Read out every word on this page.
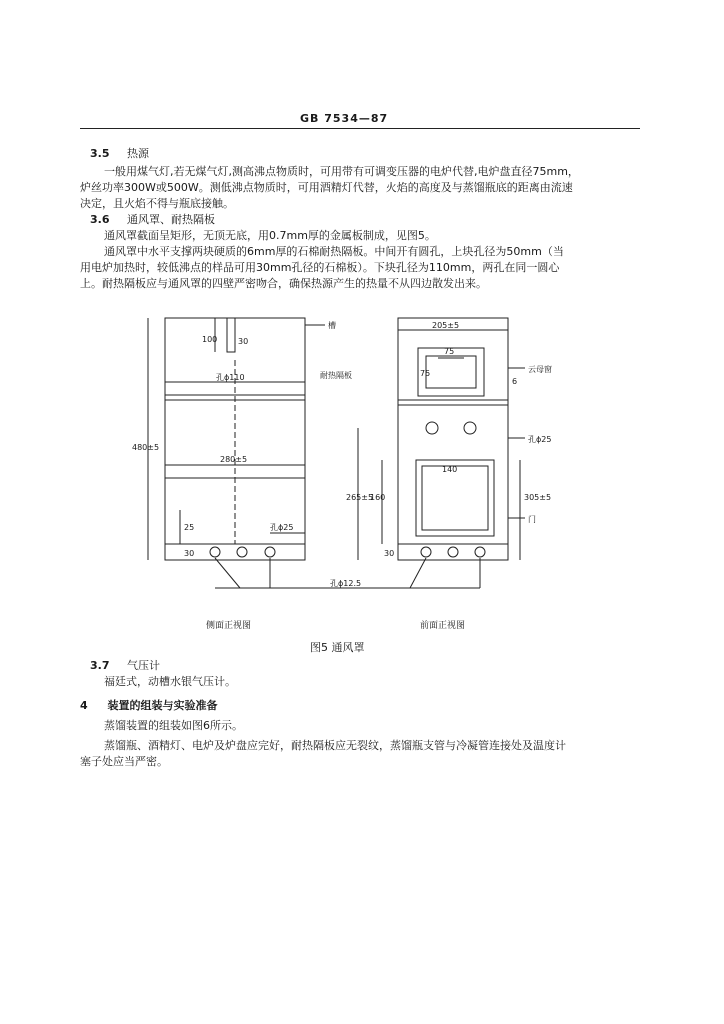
GB 7534—87
3.5 热源
一般用煤气灯,若无煤气灯,测高沸点物质时，可用带有可调变压器的电炉代替,电炉盘直径75mm，
炉丝功率300W或500W。测低沸点物质时，可用酒精灯代替，火焰的高度及与蒸馏瓶底的距离由流速
决定，且火焰不得与瓶底接触。
3.6 通风罩、耐热隔板
通风罩截面呈矩形，无顶无底，用0.7mm厚的金属板制成，见图5。
通风罩中水平支撑两块硬质的6mm厚的石棉耐热隔板。中间开有圆孔，上块孔径为50mm（当
用电炉加热时，较低沸点的样品可用30mm孔径的石棉板）。下块孔径为110mm，两孔在同一圆心
上。耐热隔板应与通风罩的四壁严密吻合，确保热源产生的热量不从四边散发出来。
槽
耐热隔板
云母窗
门
孔ϕ110
孔ϕ25
孔ϕ25
孔ϕ12.5
100	30
480±5
280±5
25
30
205±5
75
75
6
140
265±5
160	305±5
30
侧面正视图	前面正视图
图5 通风罩
3.7 气压计
福廷式，动槽水银气压计。
4 装置的组装与实验准备
蒸馏装置的组装如图6所示。
蒸馏瓶、酒精灯、电炉及炉盘应完好，耐热隔板应无裂纹，蒸馏瓶支管与冷凝管连接处及温度计
塞子处应当严密。
